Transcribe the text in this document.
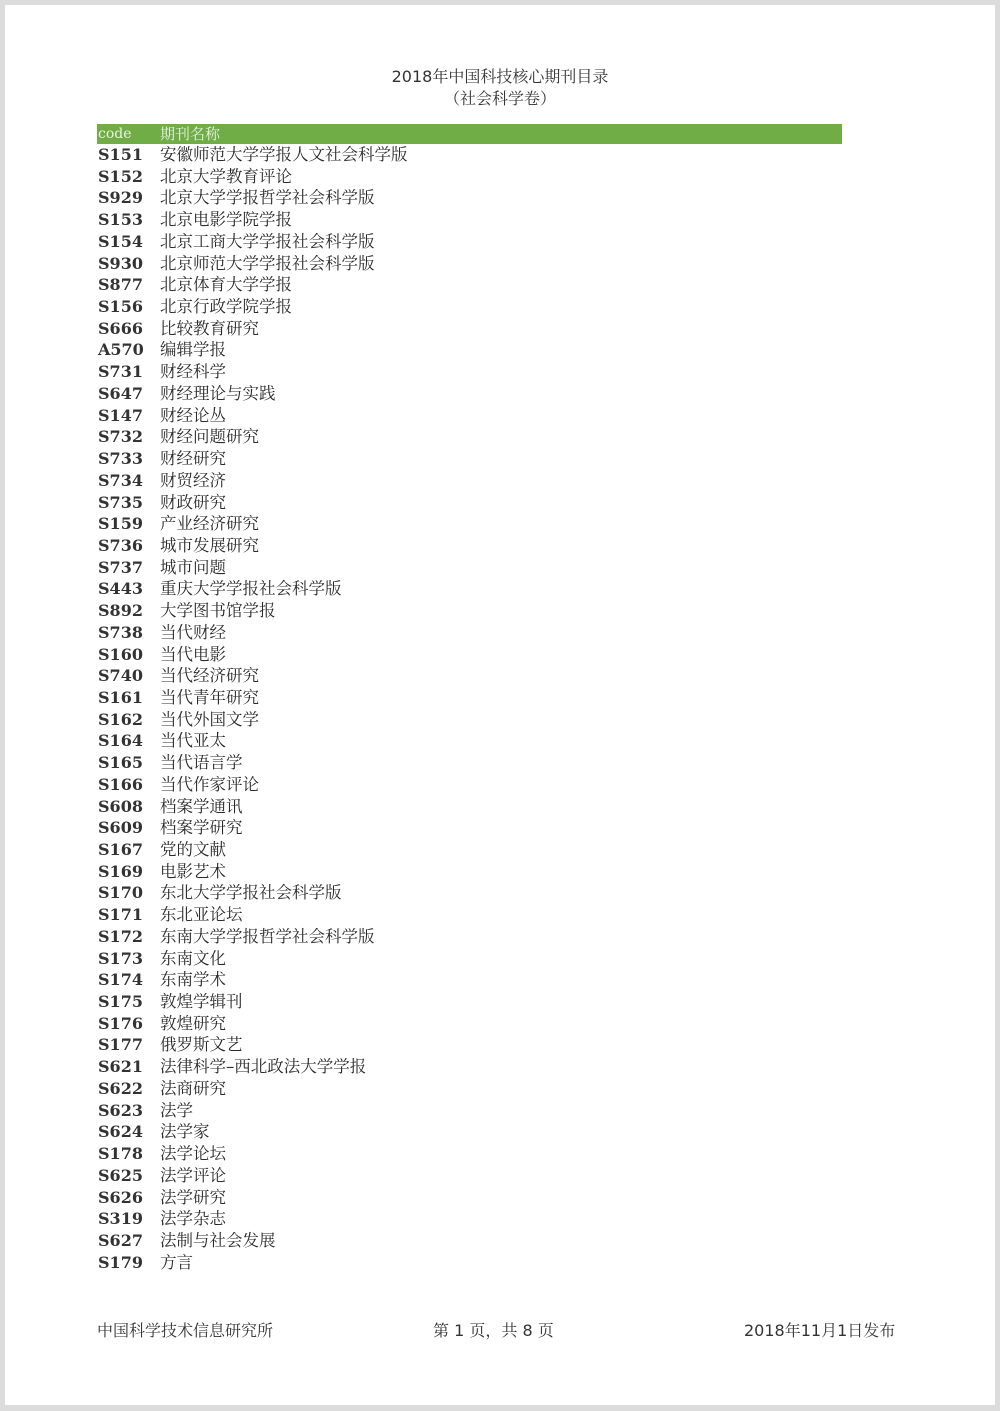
2018年中国科技核心期刊目录
（社会科学卷）
code 期刊名称
S151 安徽师范大学学报人文社会科学版
S152 北京大学教育评论
S929 北京大学学报哲学社会科学版
S153 北京电影学院学报
S154 北京工商大学学报社会科学版
S930 北京师范大学学报社会科学版
S877 北京体育大学学报
S156 北京行政学院学报
S666 比较教育研究
A570 编辑学报
S731 财经科学
S647 财经理论与实践
S147 财经论丛
S732 财经问题研究
S733 财经研究
S734 财贸经济
S735 财政研究
S159 产业经济研究
S736 城市发展研究
S737 城市问题
S443 重庆大学学报社会科学版
S892 大学图书馆学报
S738 当代财经
S160 当代电影
S740 当代经济研究
S161 当代青年研究
S162 当代外国文学
S164 当代亚太
S165 当代语言学
S166 当代作家评论
S608 档案学通讯
S609 档案学研究
S167 党的文献
S169 电影艺术
S170 东北大学学报社会科学版
S171 东北亚论坛
S172 东南大学学报哲学社会科学版
S173 东南文化
S174 东南学术
S175 敦煌学辑刊
S176 敦煌研究
S177 俄罗斯文艺
S621 法律科学–西北政法大学学报
S622 法商研究
S623 法学
S624 法学家
S178 法学论坛
S625 法学评论
S626 法学研究
S319 法学杂志
S627 法制与社会发展
S179 方言
中国科学技术信息研究所	第 1 页，共 8 页	2018年11月1日发布
